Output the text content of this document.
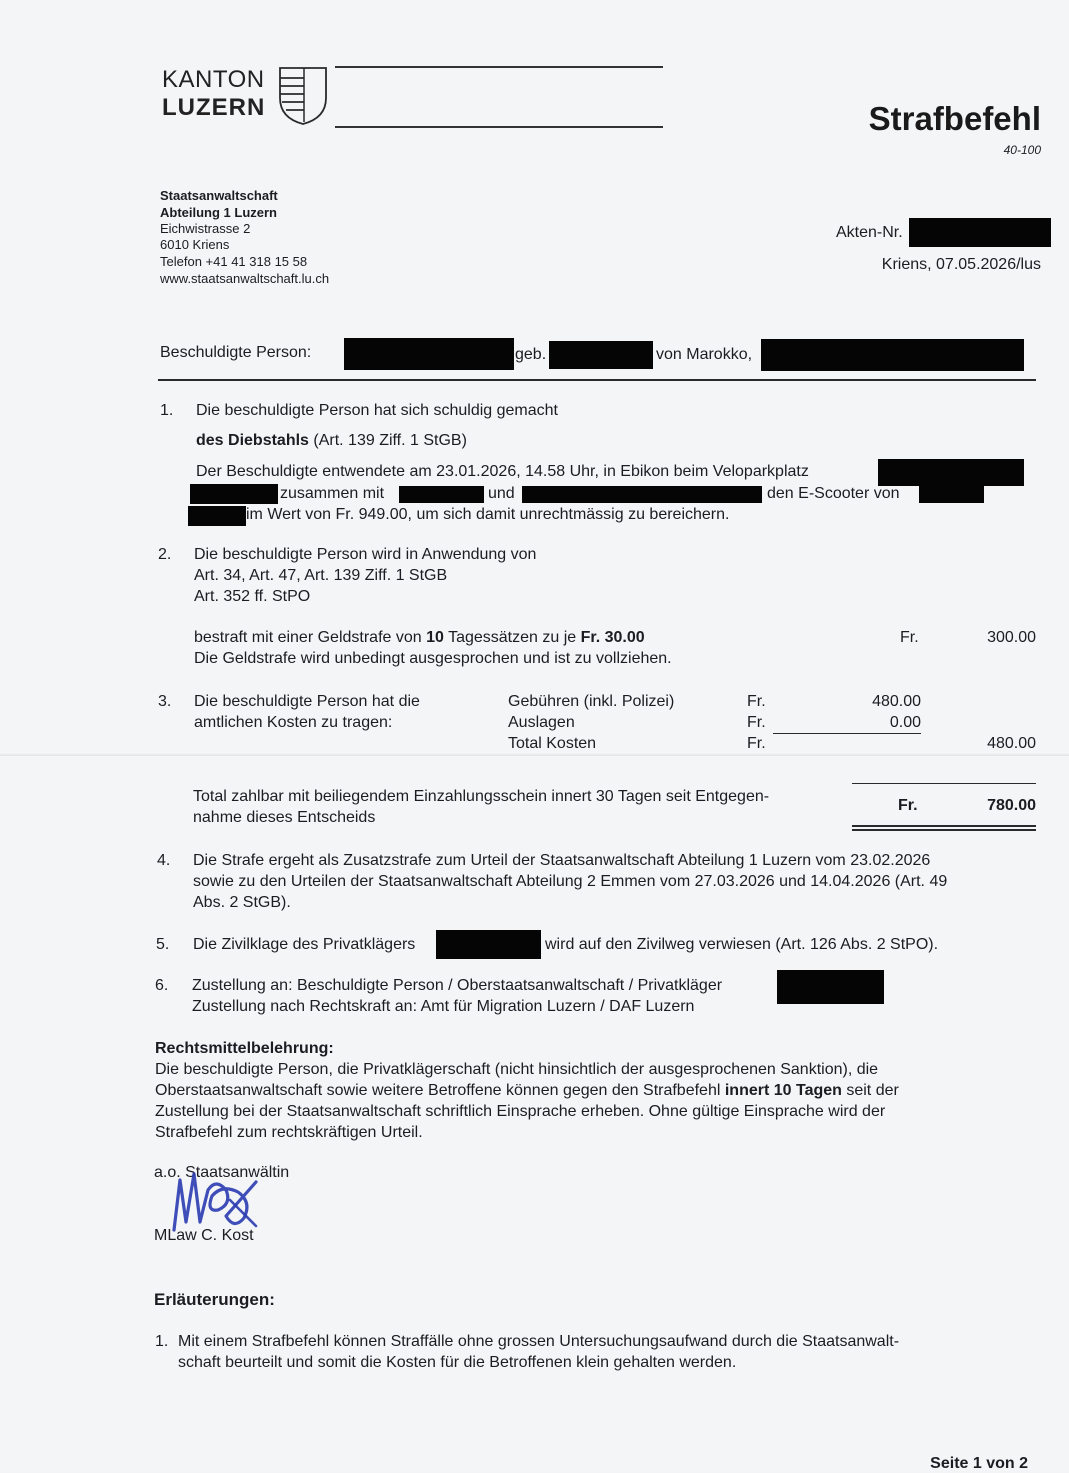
KANTON
LUZERN	Strafbefehl
40-100
Staatsanwaltschaft
Abteilung 1 Luzern
Eichwistrasse 2
6010 Kriens
Telefon +41 41 318 15 58
www.staatsanwaltschaft.lu.ch
Akten-Nr.
Kriens, 07.05.2026/lus
Beschuldigte Person:	geb.	von Marokko,
1. Die beschuldigte Person hat sich schuldig gemacht
des Diebstahls (Art. 139 Ziff. 1 StGB)
Der Beschuldigte entwendete am 23.01.2026, 14.58 Uhr, in Ebikon beim Veloparkplatz
zusammen mit	und	den E-Scooter von
im Wert von Fr. 949.00, um sich damit unrechtmässig zu bereichern.
2. Die beschuldigte Person wird in Anwendung von
Art. 34, Art. 47, Art. 139 Ziff. 1 StGB
Art. 352 ff. StPO
bestraft mit einer Geldstrafe von 10 Tagessätzen zu je Fr. 30.00
Die Geldstrafe wird unbedingt ausgesprochen und ist zu vollziehen.
Fr.	300.00
3. Die beschuldigte Person hat die
amtlichen Kosten zu tragen:
Gebühren (inkl. Polizei)	Fr.	480.00
Auslagen	Fr.	0.00
Total Kosten	Fr.	480.00
Total zahlbar mit beiliegendem Einzahlungsschein innert 30 Tagen seit Entgegen-
nahme dieses Entscheids
Fr.	780.00
4. Die Strafe ergeht als Zusatzstrafe zum Urteil der Staatsanwaltschaft Abteilung 1 Luzern vom 23.02.2026
sowie zu den Urteilen der Staatsanwaltschaft Abteilung 2 Emmen vom 27.03.2026 und 14.04.2026 (Art. 49
Abs. 2 StGB).
5. Die Zivilklage des Privatklägers	wird auf den Zivilweg verwiesen (Art. 126 Abs. 2 StPO).
6. Zustellung an: Beschuldigte Person / Oberstaatsanwaltschaft / Privatkläger
Zustellung nach Rechtskraft an: Amt für Migration Luzern / DAF Luzern
Rechtsmittelbelehrung:
Die beschuldigte Person, die Privatklägerschaft (nicht hinsichtlich der ausgesprochenen Sanktion), die
Oberstaatsanwaltschaft sowie weitere Betroffene können gegen den Strafbefehl innert 10 Tagen seit der
Zustellung bei der Staatsanwaltschaft schriftlich Einsprache erheben. Ohne gültige Einsprache wird der
Strafbefehl zum rechtskräftigen Urteil.
a.o. Staatsanwältin
MLaw C. Kost
Erläuterungen:
1. Mit einem Strafbefehl können Straffälle ohne grossen Untersuchungsaufwand durch die Staatsanwalt-
schaft beurteilt und somit die Kosten für die Betroffenen klein gehalten werden.
Seite 1 von 2
